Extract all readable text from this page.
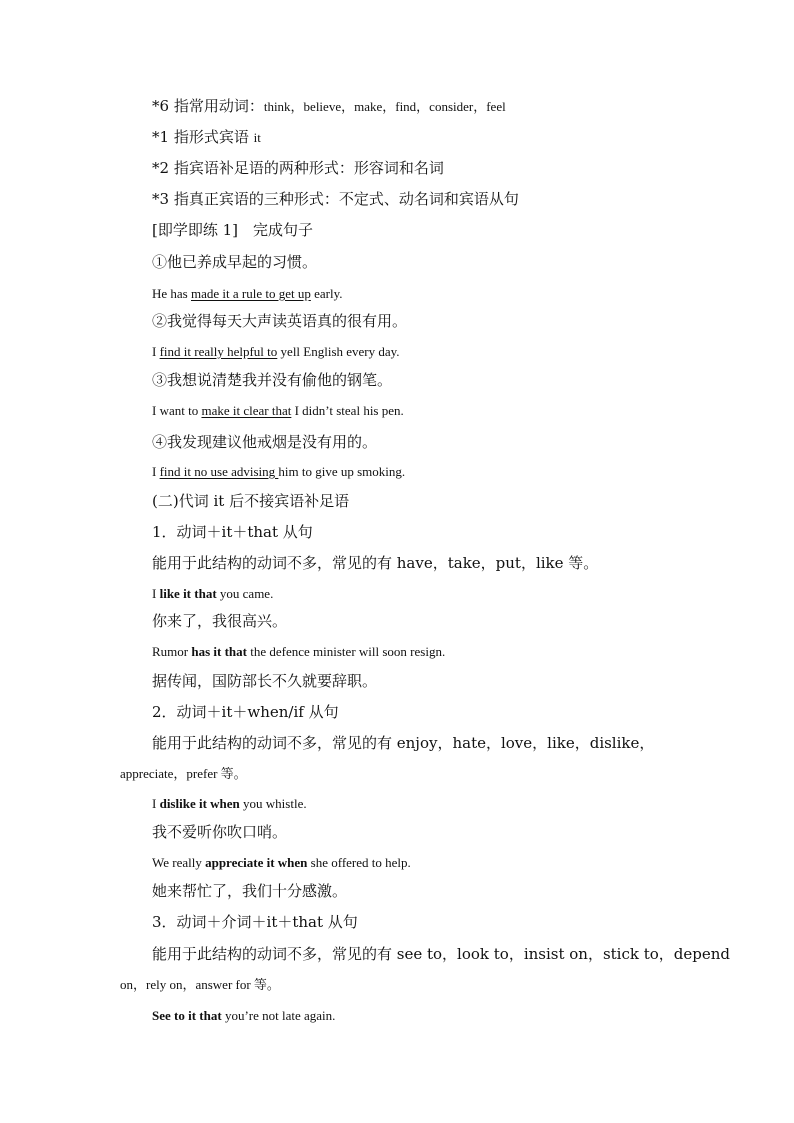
*6 指常用动词：think，believe，make，find，consider，feel
*1 指形式宾语 it
*2 指宾语补足语的两种形式：形容词和名词
*3 指真正宾语的三种形式：不定式、动名词和宾语从句
[即学即练 1]　完成句子
①他已养成早起的习惯。
He has made it a rule to get up early.
②我觉得每天大声读英语真的很有用。
I find it really helpful to yell English every day.
③我想说清楚我并没有偷他的钢笔。
I want to make it clear that I didn’t steal his pen.
④我发现建议他戒烟是没有用的。
I find it no use advising him to give up smoking.
(二)代词 it 后不接宾语补足语
1．动词＋it＋that 从句
能用于此结构的动词不多，常见的有 have，take，put，like 等。
I like it that you came.
你来了，我很高兴。
Rumor has it that the defence minister will soon resign.
据传闻，国防部长不久就要辞职。
2．动词＋it＋when/if 从句
能用于此结构的动词不多，常见的有 enjoy，hate，love，like，dislike，
appreciate，prefer 等。
I dislike it when you whistle.
我不爱听你吹口哨。
We really appreciate it when she offered to help.
她来帮忙了，我们十分感激。
3．动词＋介词＋it＋that 从句
能用于此结构的动词不多，常见的有 see to，look to，insist on，stick to，depend
on，rely on，answer for 等。
See to it that you’re not late again.
